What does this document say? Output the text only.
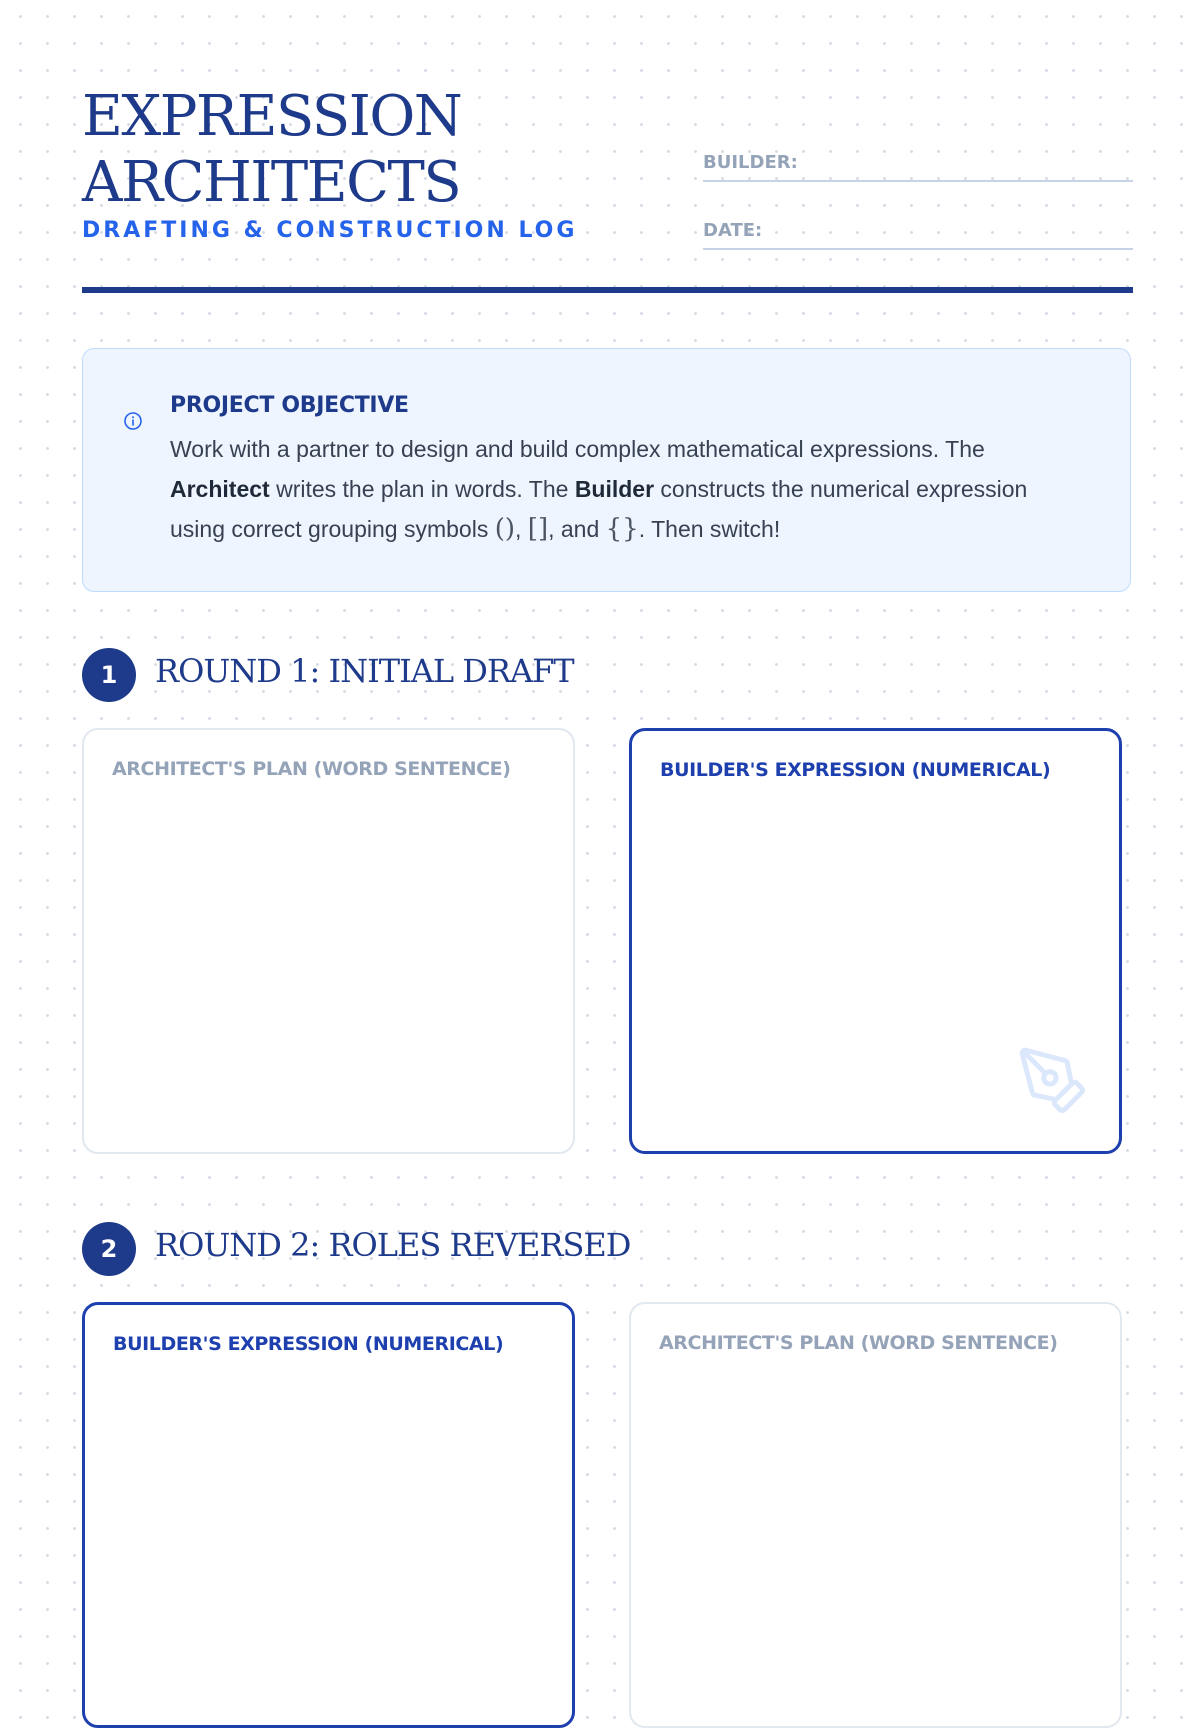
EXPRESSION
ARCHITECTS
DRAFTING & CONSTRUCTION LOG
BUILDER:
DATE:
PROJECT OBJECTIVE
Work with a partner to design and build complex mathematical expressions. The Architect writes the plan in words. The Builder constructs the numerical expression using correct grouping symbols (), [], and {}. Then switch!
1	ROUND 1: INITIAL DRAFT
ARCHITECT'S PLAN (WORD SENTENCE)	BUILDER'S EXPRESSION (NUMERICAL)
2	ROUND 2: ROLES REVERSED
BUILDER'S EXPRESSION (NUMERICAL)	ARCHITECT'S PLAN (WORD SENTENCE)
